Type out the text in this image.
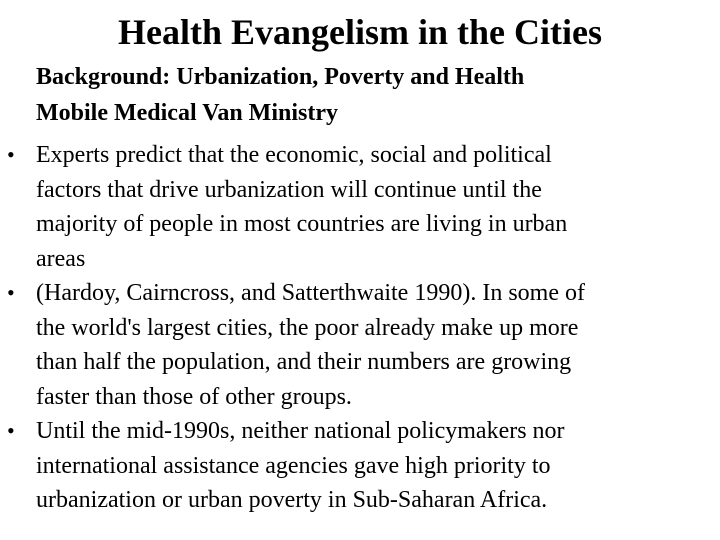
Health Evangelism in the Cities
Background: Urbanization, Poverty and Health
Mobile Medical Van Ministry
• Experts predict that the economic, social and political
factors that drive urbanization will continue until the
majority of people in most countries are living in urban
areas
• (Hardoy, Cairncross, and Satterthwaite 1990). In some of
the world's largest cities, the poor already make up more
than half the population, and their numbers are growing
faster than those of other groups.
• Until the mid-1990s, neither national policymakers nor
international assistance agencies gave high priority to
urbanization or urban poverty in Sub-Saharan Africa.
